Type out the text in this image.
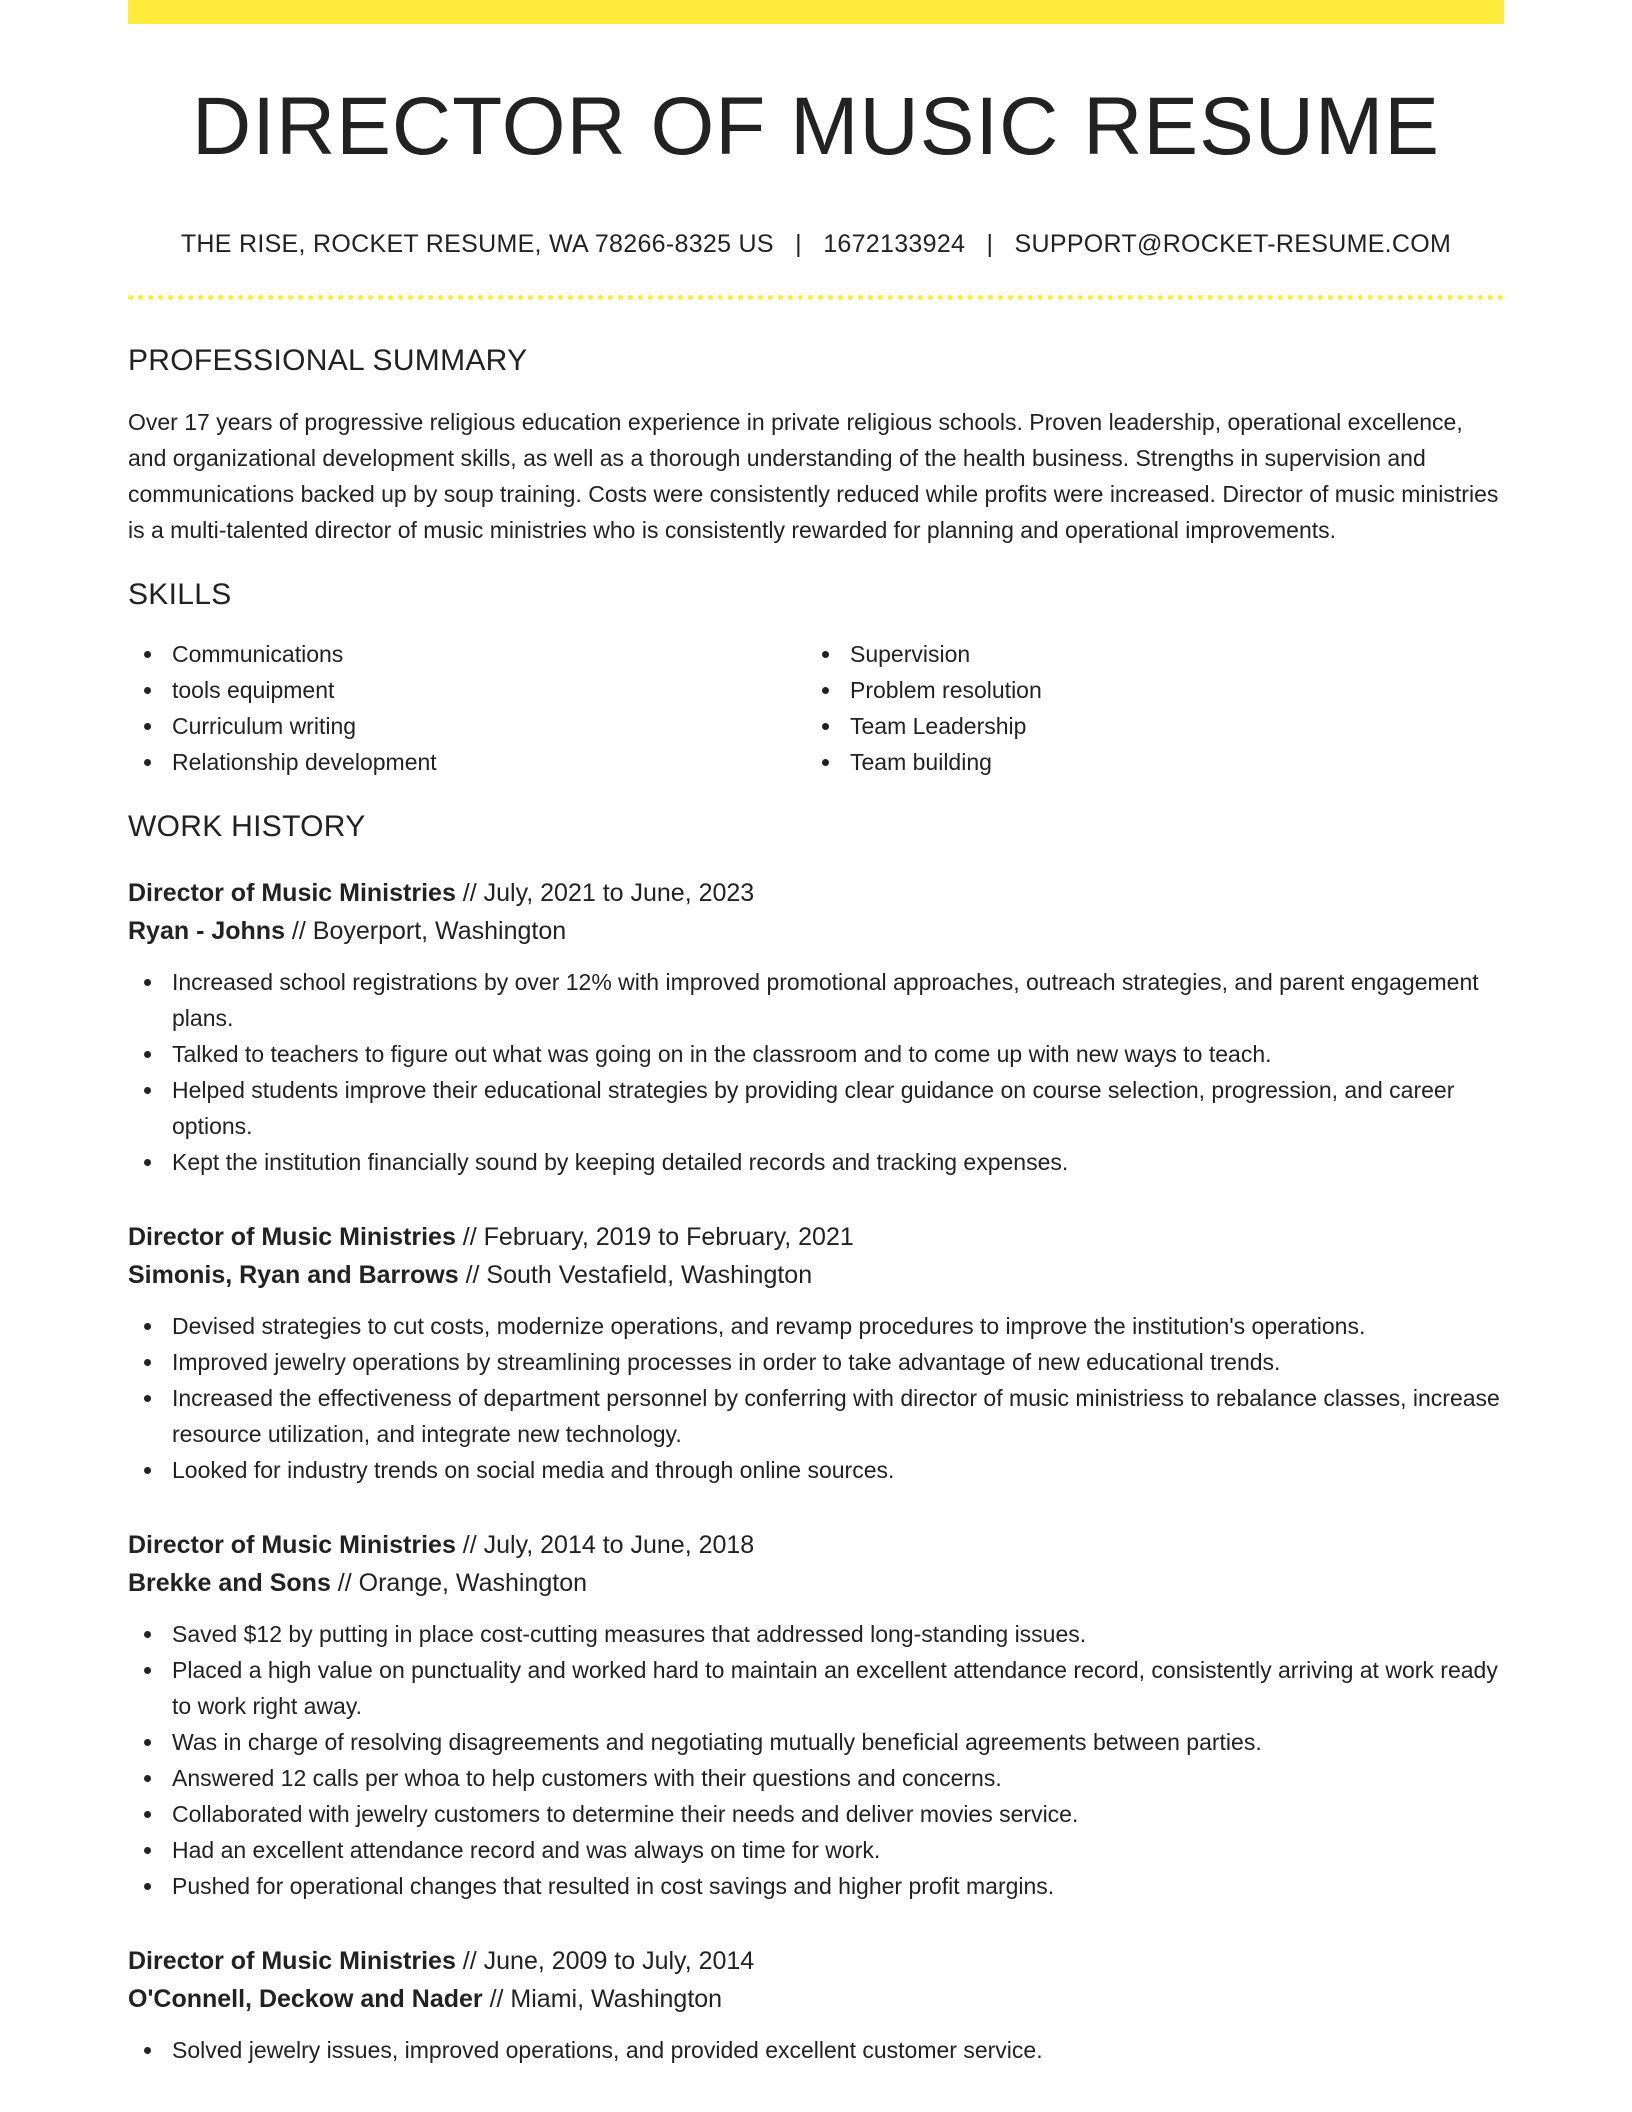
DIRECTOR OF MUSIC RESUME
THE RISE, ROCKET RESUME, WA 78266-8325 US | 1672133924 | SUPPORT@ROCKET-RESUME.COM
PROFESSIONAL SUMMARY

Over 17 years of progressive religious education experience in private religious schools. Proven leadership, operational excellence, and organizational development skills, as well as a thorough understanding of the health business. Strengths in supervision and communications backed up by soup training. Costs were consistently reduced while profits were increased. Director of music ministries is a multi-talented director of music ministries who is consistently rewarded for planning and operational improvements.

SKILLS
Communications
tools equipment
Curriculum writing
Relationship development
Supervision
Problem resolution
Team Leadership
Team building
WORK HISTORY
Director of Music Ministries // July, 2021 to June, 2023
Ryan - Johns // Boyerport, Washington
Increased school registrations by over 12% with improved promotional approaches, outreach strategies, and parent engagement plans.
Talked to teachers to figure out what was going on in the classroom and to come up with new ways to teach.
Helped students improve their educational strategies by providing clear guidance on course selection, progression, and career options.
Kept the institution financially sound by keeping detailed records and tracking expenses.
Director of Music Ministries // February, 2019 to February, 2021
Simonis, Ryan and Barrows // South Vestafield, Washington
Devised strategies to cut costs, modernize operations, and revamp procedures to improve the institution's operations.
Improved jewelry operations by streamlining processes in order to take advantage of new educational trends.
Increased the effectiveness of department personnel by conferring with director of music ministriess to rebalance classes, increase resource utilization, and integrate new technology.
Looked for industry trends on social media and through online sources.
Director of Music Ministries // July, 2014 to June, 2018
Brekke and Sons // Orange, Washington
Saved $12 by putting in place cost-cutting measures that addressed long-standing issues.
Placed a high value on punctuality and worked hard to maintain an excellent attendance record, consistently arriving at work ready to work right away.
Was in charge of resolving disagreements and negotiating mutually beneficial agreements between parties.
Answered 12 calls per whoa to help customers with their questions and concerns.
Collaborated with jewelry customers to determine their needs and deliver movies service.
Had an excellent attendance record and was always on time for work.
Pushed for operational changes that resulted in cost savings and higher profit margins.
Director of Music Ministries // June, 2009 to July, 2014
O'Connell, Deckow and Nader // Miami, Washington
Solved jewelry issues, improved operations, and provided excellent customer service.
